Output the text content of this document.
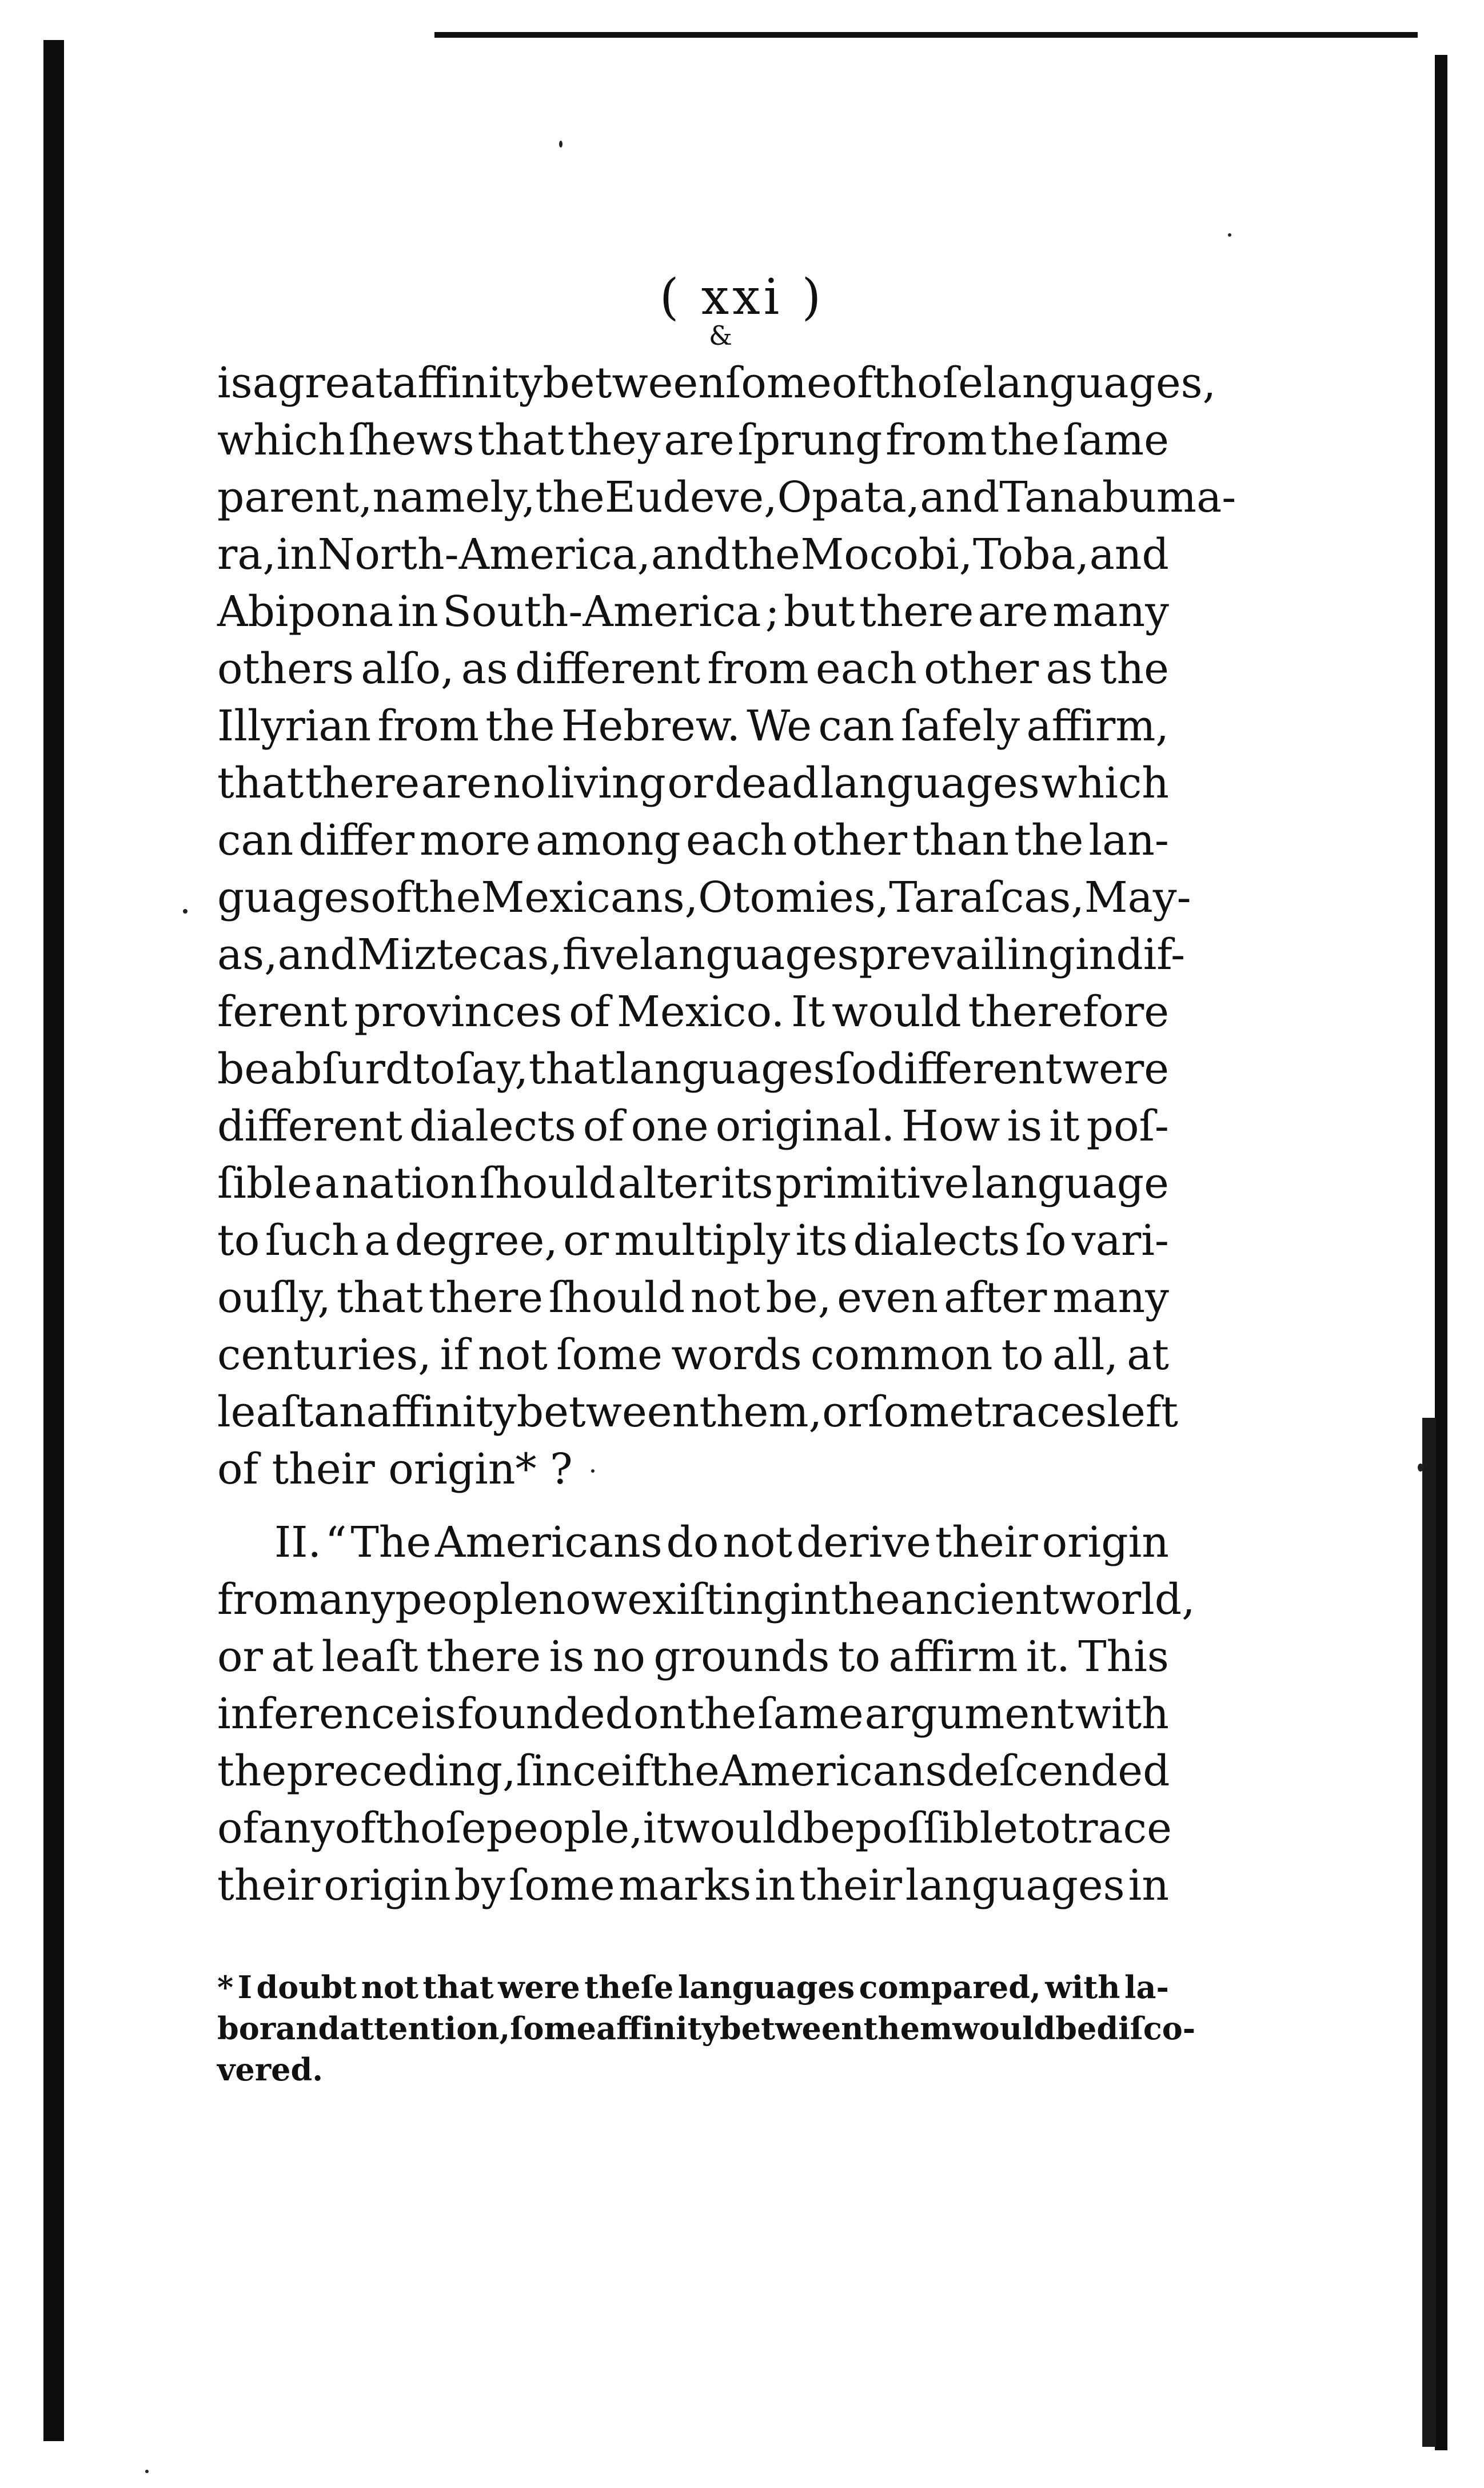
( xxi )
&
is a great affinity between ſome of thoſe languages,
which ſhews that they are ſprung from the ſame
parent, namely, the Eudeve, Opata, and Tanabuma-
ra, in North-America, and the Mocobi, Toba, and
Abipona in South-America ; but there are many
others alſo, as different from each other as the
Illyrian from the Hebrew. We can ſafely affirm,
that there are no living or dead languages which
can differ more among each other than the lan-
guages of the Mexicans, Otomies, Taraſcas, May-
as, and Miztecas, five languages prevailing in dif-
ferent provinces of Mexico. It would therefore
be abſurd to ſay, that languages ſo different were
different dialects of one original. How is it poſ-
ſible a nation ſhould alter its primitive language
to ſuch a degree, or multiply its dialects ſo vari-
ouſly, that there ſhould not be, even after many
centuries, if not ſome words common to all, at
leaſt an affinity between them, or ſome traces left
of their origin* ?
II. “ The Americans do not derive their origin
from any people now exiſting in the ancient world,
or at leaſt there is no grounds to affirm it. This
inference is founded on the ſame argument with
the preceding, ſince if the Americans deſcended
of any of thoſe people, it would be poſſible to trace
their origin by ſome marks in their languages in
* I doubt not that were theſe languages compared, with la-
bor and attention, ſome affinity between them would be diſco-
vered.
